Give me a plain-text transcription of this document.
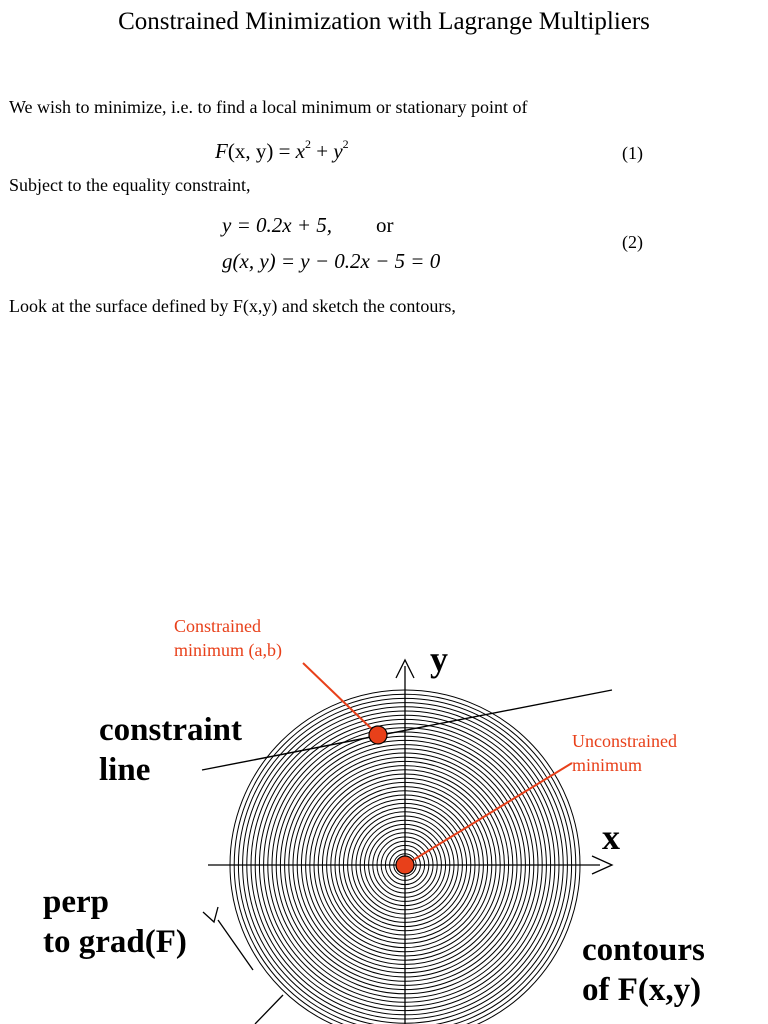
Constrained Minimization with Lagrange Multipliers
We wish to minimize, i.e. to find a local minimum or stationary point of
F(x, $y) = x^2 + y^2$	(1)
Subject to the equality constraint,
y = 0.2x + 5, or
g(x, y) = y − 0.2x − 5 = 0
(2)
Look at the surface defined by F(x,y) and sketch the contours,
Constrained
minimum (a,b)
Unconstrained
minimum
constraint
line
perp
to grad(F)	contours
of F(x,y)
x
y
